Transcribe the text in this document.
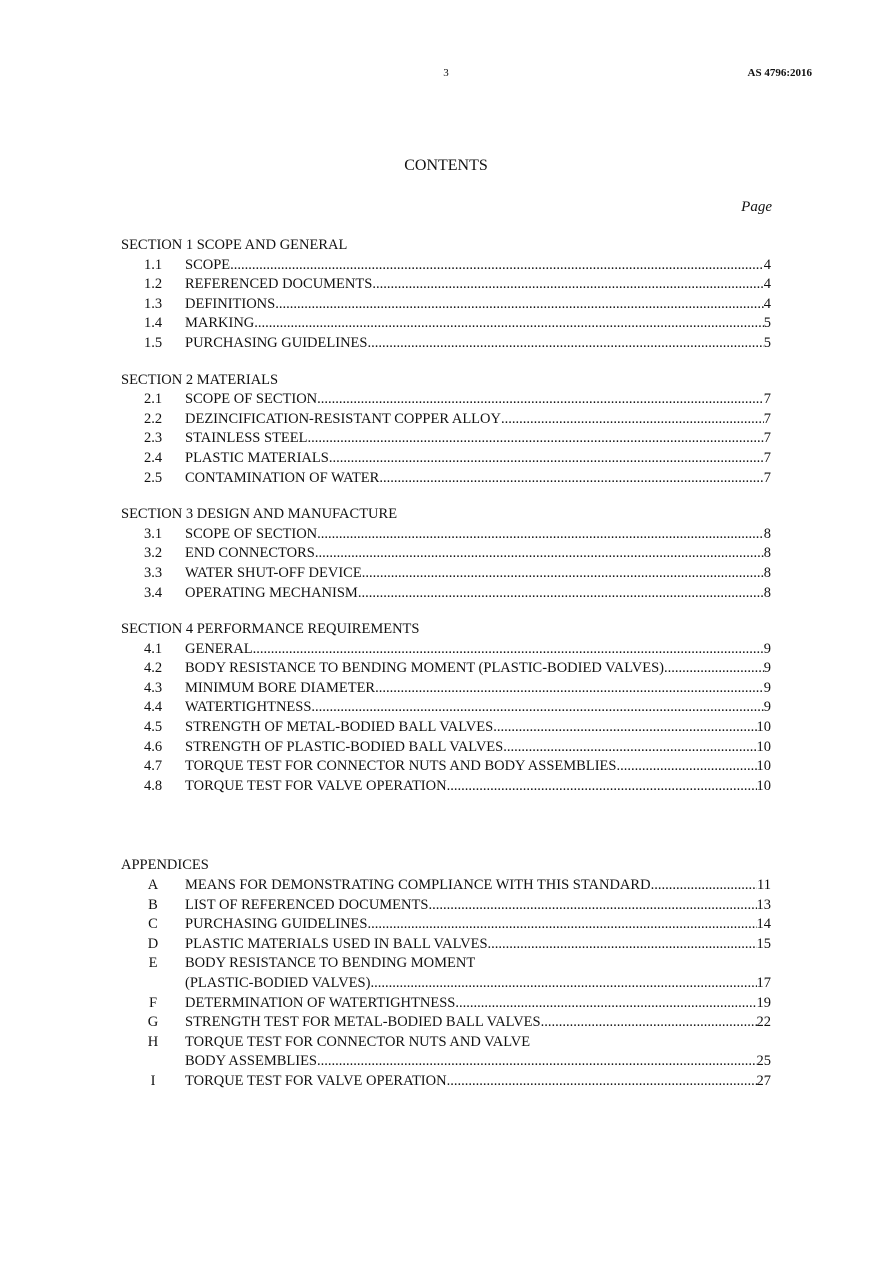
3	AS 4796:2016
CONTENTS
Page
SECTION 1 SCOPE AND GENERAL
1.1	SCOPE .....	4
1.2	REFERENCED DOCUMENTS .....	4
1.3	DEFINITIONS .....	4
1.4	MARKING .....	5
1.5	PURCHASING GUIDELINES .....	5
SECTION 2 MATERIALS
2.1	SCOPE OF SECTION .....	7
2.2	DEZINCIFICATION-RESISTANT COPPER ALLOY .....	7
2.3	STAINLESS STEEL .....	7
2.4	PLASTIC MATERIALS .....	7
2.5	CONTAMINATION OF WATER .....	7
SECTION 3 DESIGN AND MANUFACTURE
3.1	SCOPE OF SECTION .....	8
3.2	END CONNECTORS .....	8
3.3	WATER SHUT-OFF DEVICE .....	8
3.4	OPERATING MECHANISM .....	8
SECTION 4 PERFORMANCE REQUIREMENTS
4.1	GENERAL .....	9
4.2	BODY RESISTANCE TO BENDING MOMENT (PLASTIC-BODIED VALVES) .....	9
4.3	MINIMUM BORE DIAMETER .....	9
4.4	WATERTIGHTNESS .....	9
4.5	STRENGTH OF METAL-BODIED BALL VALVES .....	10
4.6	STRENGTH OF PLASTIC-BODIED BALL VALVES .....	10
4.7	TORQUE TEST FOR CONNECTOR NUTS AND BODY ASSEMBLIES .....	10
4.8	TORQUE TEST FOR VALVE OPERATION .....	10
APPENDICES
A	MEANS FOR DEMONSTRATING COMPLIANCE WITH THIS STANDARD .....	11
B	LIST OF REFERENCED DOCUMENTS .....	13
C	PURCHASING GUIDELINES .....	14
D	PLASTIC MATERIALS USED IN BALL VALVES .....	15
E	BODY RESISTANCE TO BENDING MOMENT
(PLASTIC-BODIED VALVES) .....	17
F	DETERMINATION OF WATERTIGHTNESS .....	19
G	STRENGTH TEST FOR METAL-BODIED BALL VALVES .....	22
H	TORQUE TEST FOR CONNECTOR NUTS AND VALVE
BODY ASSEMBLIES .....	25
I	TORQUE TEST FOR VALVE OPERATION .....	27
